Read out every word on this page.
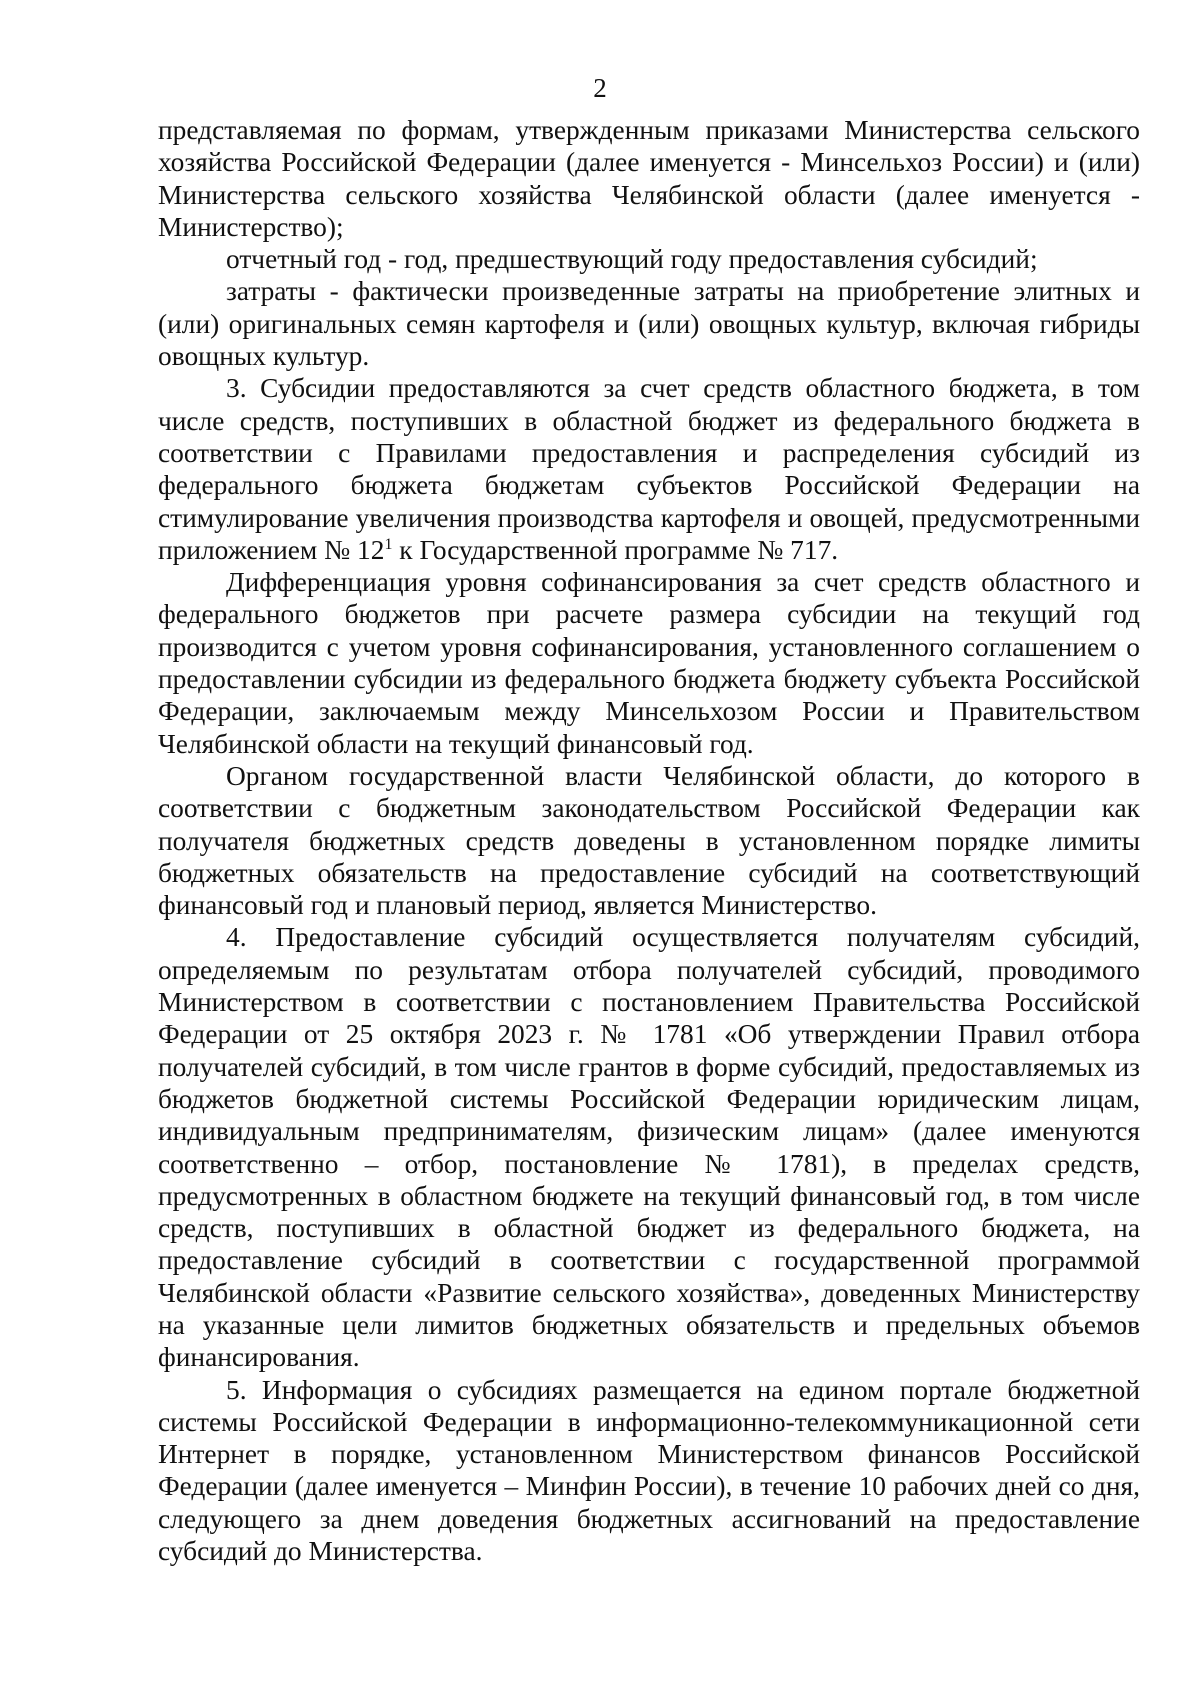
2

представляемая по формам, утвержденным приказами Министерства сельского хозяйства Российской Федерации (далее именуется - Минсельхоз России) и (или) Министерства сельского хозяйства Челябинской области (далее именуется - Министерство);

отчетный год - год, предшествующий году предоставления субсидий;

затраты - фактически произведенные затраты на приобретение элитных и (или) оригинальных семян картофеля и (или) овощных культур, включая гибриды овощных культур.

3. Субсидии предоставляются за счет средств областного бюджета, в том числе средств, поступивших в областной бюджет из федерального бюджета в соответствии с Правилами предоставления и распределения субсидий из федерального бюджета бюджетам субъектов Российской Федерации на стимулирование увеличения производства картофеля и овощей, предусмотренными приложением № $12^1$ к Государственной программе № 717.

Дифференциация уровня софинансирования за счет средств областного и федерального бюджетов при расчете размера субсидии на текущий год производится с учетом уровня софинансирования, установленного соглашением о предоставлении субсидии из федерального бюджета бюджету субъекта Российской Федерации, заключаемым между Минсельхозом России и Правительством Челябинской области на текущий финансовый год.

Органом государственной власти Челябинской области, до которого в соответствии с бюджетным законодательством Российской Федерации как получателя бюджетных средств доведены в установленном порядке лимиты бюджетных обязательств на предоставление субсидий на соответствующий финансовый год и плановый период, является Министерство.

4. Предоставление субсидий осуществляется получателям субсидий, определяемым по результатам отбора получателей субсидий, проводимого Министерством в соответствии с постановлением Правительства Российской Федерации от 25 октября 2023 г. № 1781 «Об утверждении Правил отбора получателей субсидий, в том числе грантов в форме субсидий, предоставляемых из бюджетов бюджетной системы Российской Федерации юридическим лицам, индивидуальным предпринимателям, физическим лицам» (далее именуются соответственно – отбор, постановление № 1781), в пределах средств, предусмотренных в областном бюджете на текущий финансовый год, в том числе средств, поступивших в областной бюджет из федерального бюджета, на предоставление субсидий в соответствии с государственной программой Челябинской области «Развитие сельского хозяйства», доведенных Министерству на указанные цели лимитов бюджетных обязательств и предельных объемов финансирования.

5. Информация о субсидиях размещается на едином портале бюджетной системы Российской Федерации в информационно-телекоммуникационной сети Интернет в порядке, установленном Министерством финансов Российской Федерации (далее именуется – Минфин России), в течение 10 рабочих дней со дня, следующего за днем доведения бюджетных ассигнований на предоставление субсидий до Министерства.
